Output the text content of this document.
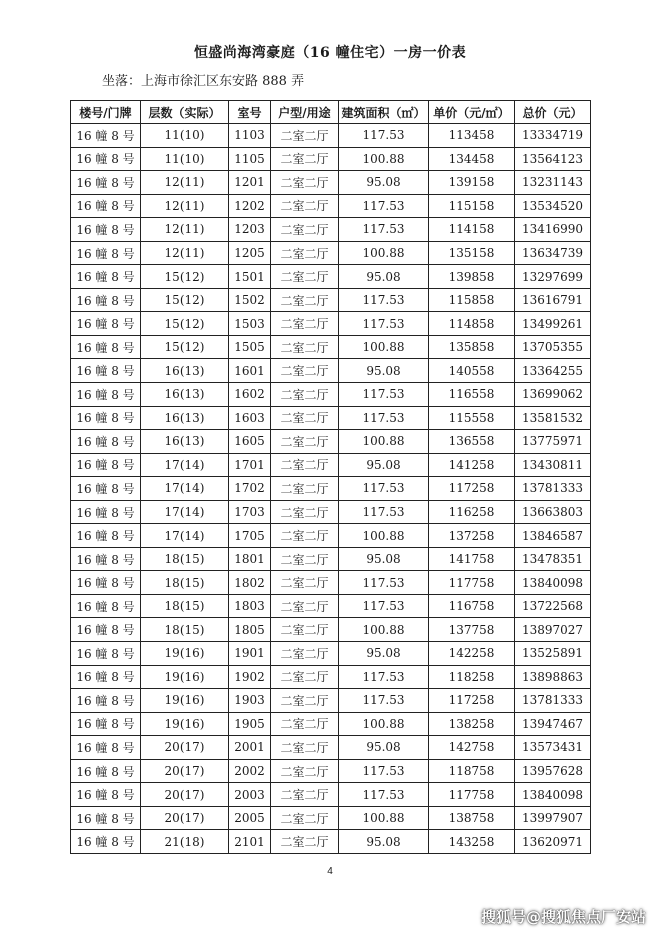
恒盛尚海湾豪庭（16 幢住宅）一房一价表
坐落：上海市徐汇区东安路 888 弄
楼号/门牌	层数（实际）	室号	户型/用途	建筑面积（㎡）	单价（元/㎡）	总价（元）
16 幢 8 号	11(10)	1103	二室二厅	117.53	113458	13334719
16 幢 8 号	11(10)	1105	二室二厅	100.88	134458	13564123
16 幢 8 号	12(11)	1201	二室二厅	95.08	139158	13231143
16 幢 8 号	12(11)	1202	二室二厅	117.53	115158	13534520
16 幢 8 号	12(11)	1203	二室二厅	117.53	114158	13416990
16 幢 8 号	12(11)	1205	二室二厅	100.88	135158	13634739
16 幢 8 号	15(12)	1501	二室二厅	95.08	139858	13297699
16 幢 8 号	15(12)	1502	二室二厅	117.53	115858	13616791
16 幢 8 号	15(12)	1503	二室二厅	117.53	114858	13499261
16 幢 8 号	15(12)	1505	二室二厅	100.88	135858	13705355
16 幢 8 号	16(13)	1601	二室二厅	95.08	140558	13364255
16 幢 8 号	16(13)	1602	二室二厅	117.53	116558	13699062
16 幢 8 号	16(13)	1603	二室二厅	117.53	115558	13581532
16 幢 8 号	16(13)	1605	二室二厅	100.88	136558	13775971
16 幢 8 号	17(14)	1701	二室二厅	95.08	141258	13430811
16 幢 8 号	17(14)	1702	二室二厅	117.53	117258	13781333
16 幢 8 号	17(14)	1703	二室二厅	117.53	116258	13663803
16 幢 8 号	17(14)	1705	二室二厅	100.88	137258	13846587
16 幢 8 号	18(15)	1801	二室二厅	95.08	141758	13478351
16 幢 8 号	18(15)	1802	二室二厅	117.53	117758	13840098
16 幢 8 号	18(15)	1803	二室二厅	117.53	116758	13722568
16 幢 8 号	18(15)	1805	二室二厅	100.88	137758	13897027
16 幢 8 号	19(16)	1901	二室二厅	95.08	142258	13525891
16 幢 8 号	19(16)	1902	二室二厅	117.53	118258	13898863
16 幢 8 号	19(16)	1903	二室二厅	117.53	117258	13781333
16 幢 8 号	19(16)	1905	二室二厅	100.88	138258	13947467
16 幢 8 号	20(17)	2001	二室二厅	95.08	142758	13573431
16 幢 8 号	20(17)	2002	二室二厅	117.53	118758	13957628
16 幢 8 号	20(17)	2003	二室二厅	117.53	117758	13840098
16 幢 8 号	20(17)	2005	二室二厅	100.88	138758	13997907
16 幢 8 号	21(18)	2101	二室二厅	95.08	143258	13620971
4
搜狐号@搜狐焦点厂安站
